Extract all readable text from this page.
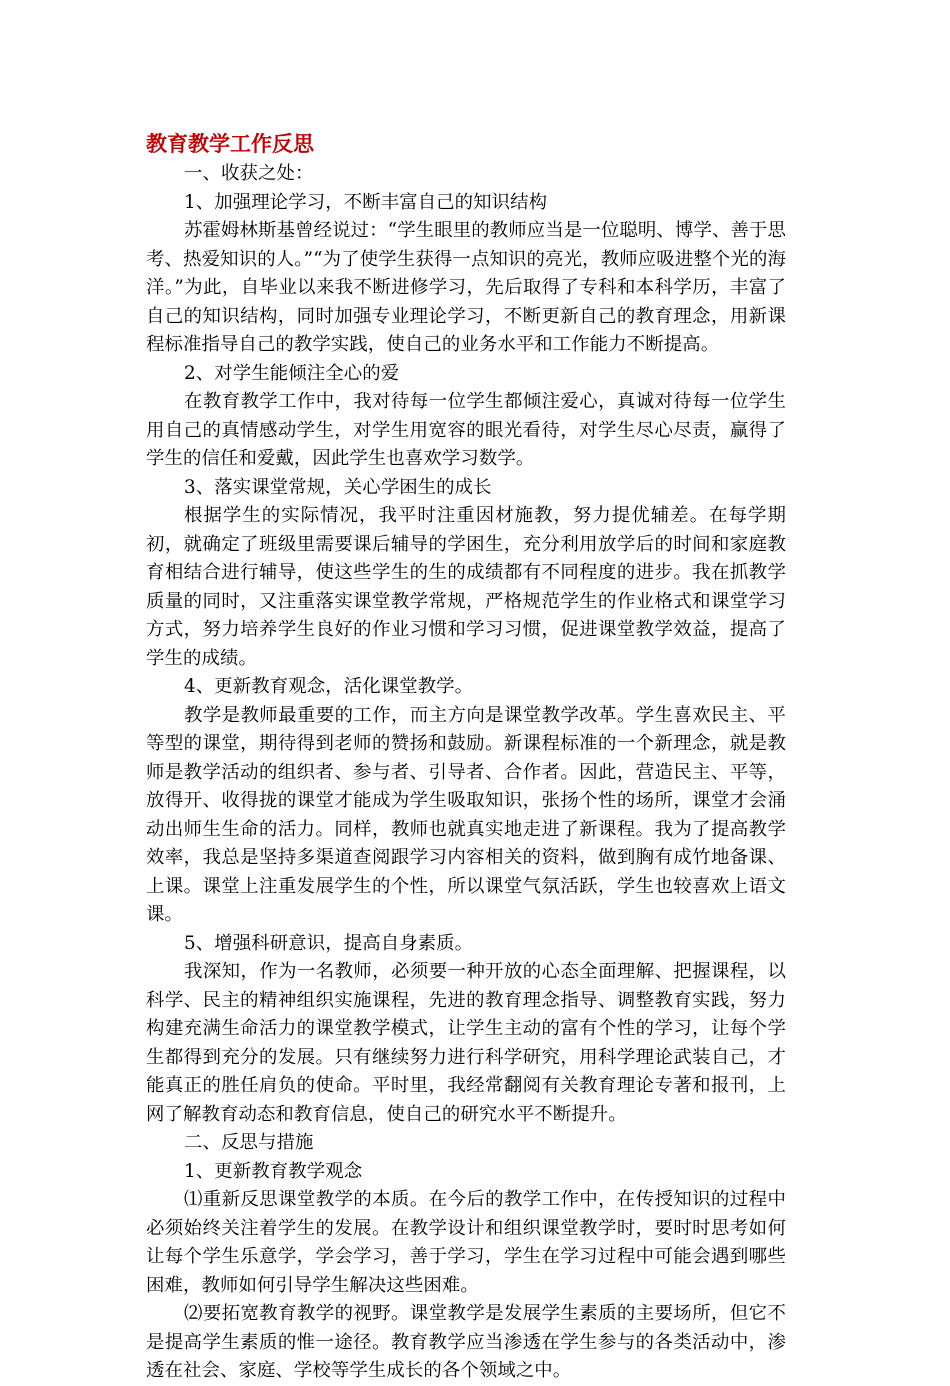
教育教学工作反思

一、收获之处：

1、加强理论学习，不断丰富自己的知识结构

苏霍姆林斯基曾经说过：“学生眼里的教师应当是一位聪明、博学、善于思考、热爱知识的人。”“为了使学生获得一点知识的亮光，教师应吸进整个光的海洋。”为此，自毕业以来我不断进修学习，先后取得了专科和本科学历，丰富了自己的知识结构，同时加强专业理论学习，不断更新自己的教育理念，用新课程标准指导自己的教学实践，使自己的业务水平和工作能力不断提高。

2、对学生能倾注全心的爱

在教育教学工作中，我对待每一位学生都倾注爱心，真诚对待每一位学生用自己的真情感动学生，对学生用宽容的眼光看待，对学生尽心尽责，赢得了学生的信任和爱戴，因此学生也喜欢学习数学。

3、落实课堂常规，关心学困生的成长

根据学生的实际情况，我平时注重因材施教，努力提优辅差。在每学期初，就确定了班级里需要课后辅导的学困生，充分利用放学后的时间和家庭教育相结合进行辅导，使这些学生的生的成绩都有不同程度的进步。我在抓教学质量的同时，又注重落实课堂教学常规，严格规范学生的作业格式和课堂学习方式，努力培养学生良好的作业习惯和学习习惯，促进课堂教学效益，提高了学生的成绩。

4、更新教育观念，活化课堂教学。

教学是教师最重要的工作，而主方向是课堂教学改革。学生喜欢民主、平等型的课堂，期待得到老师的赞扬和鼓励。新课程标准的一个新理念，就是教师是教学活动的组织者、参与者、引导者、合作者。因此，营造民主、平等，放得开、收得拢的课堂才能成为学生吸取知识，张扬个性的场所，课堂才会涌动出师生生命的活力。同样，教师也就真实地走进了新课程。我为了提高教学效率，我总是坚持多渠道查阅跟学习内容相关的资料，做到胸有成竹地备课、上课。课堂上注重发展学生的个性，所以课堂气氛活跃，学生也较喜欢上语文课。

5、增强科研意识，提高自身素质。

我深知，作为一名教师，必须要一种开放的心态全面理解、把握课程，以科学、民主的精神组织实施课程，先进的教育理念指导、调整教育实践，努力构建充满生命活力的课堂教学模式，让学生主动的富有个性的学习，让每个学生都得到充分的发展。只有继续努力进行科学研究，用科学理论武装自己，才能真正的胜任肩负的使命。平时里，我经常翻阅有关教育理论专著和报刊，上网了解教育动态和教育信息，使自己的研究水平不断提升。

二、反思与措施

1、更新教育教学观念

⑴重新反思课堂教学的本质。在今后的教学工作中，在传授知识的过程中必须始终关注着学生的发展。在教学设计和组织课堂教学时，要时时思考如何让每个学生乐意学，学会学习，善于学习，学生在学习过程中可能会遇到哪些困难，教师如何引导学生解决这些困难。

⑵要拓宽教育教学的视野。课堂教学是发展学生素质的主要场所，但它不是提高学生素质的惟一途径。教育教学应当渗透在学生参与的各类活动中，渗透在社会、家庭、学校等学生成长的各个领域之中。
